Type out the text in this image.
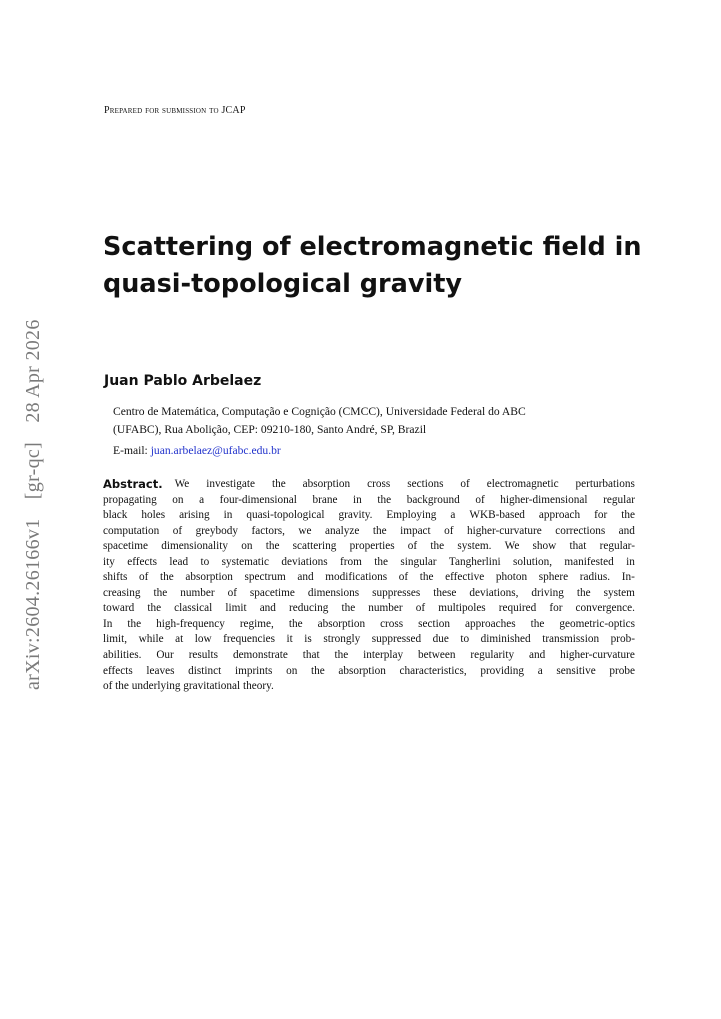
Prepared for submission to JCAP
Scattering of electromagnetic field in
quasi-topological gravity
Juan Pablo Arbelaez
Centro de Matemática, Computação e Cognição (CMCC), Universidade Federal do ABC
(UFABC), Rua Abolição, CEP: 09210-180, Santo André, SP, Brazil
E-mail: juan.arbelaez@ufabc.edu.br
Abstract. We investigate the absorption cross sections of electromagnetic perturbations
propagating on a four-dimensional brane in the background of higher-dimensional regular
black holes arising in quasi-topological gravity. Employing a WKB-based approach for the
computation of greybody factors, we analyze the impact of higher-curvature corrections and
spacetime dimensionality on the scattering properties of the system. We show that regular-
ity effects lead to systematic deviations from the singular Tangherlini solution, manifested in
shifts of the absorption spectrum and modifications of the effective photon sphere radius. In-
creasing the number of spacetime dimensions suppresses these deviations, driving the system
toward the classical limit and reducing the number of multipoles required for convergence.
In the high-frequency regime, the absorption cross section approaches the geometric-optics
limit, while at low frequencies it is strongly suppressed due to diminished transmission prob-
abilities. Our results demonstrate that the interplay between regularity and higher-curvature
effects leaves distinct imprints on the absorption characteristics, providing a sensitive probe
of the underlying gravitational theory.
arXiv:2604.26166v1 [gr-qc] 28 Apr 2026
